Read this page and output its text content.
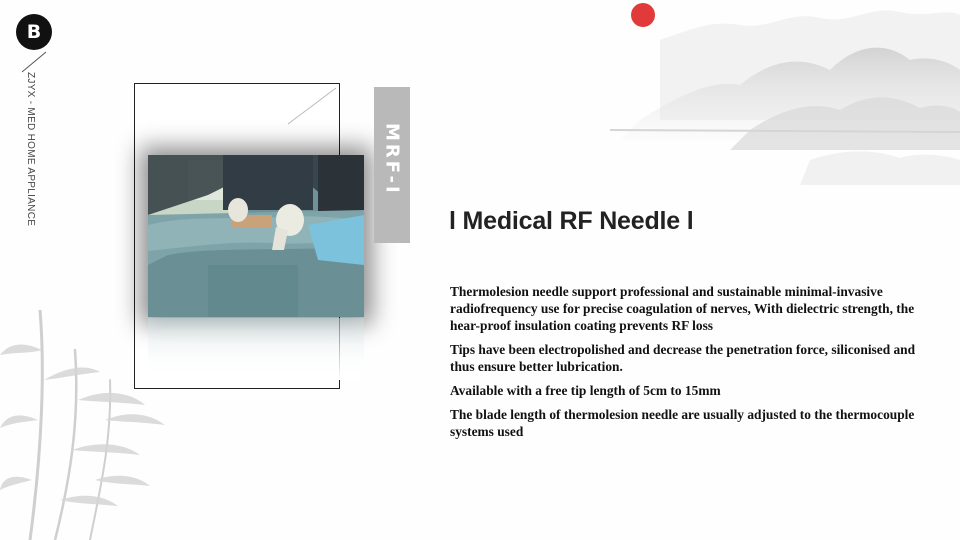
B
ZJYX - MED HOME APPLIANCE	MRF-I
l Medical RF Needle l

Thermolesion needle support professional and sustainable minimal-invasive radiofrequency use for precise coagulation of nerves, With dielectric strength, the hear-proof insulation coating prevents RF loss

Tips have been electropolished and decrease the penetration force, siliconised and thus ensure better lubrication.

Available with a free tip length of 5cm to 15mm

The blade length of thermolesion needle are usually adjusted to the thermocouple systems used
